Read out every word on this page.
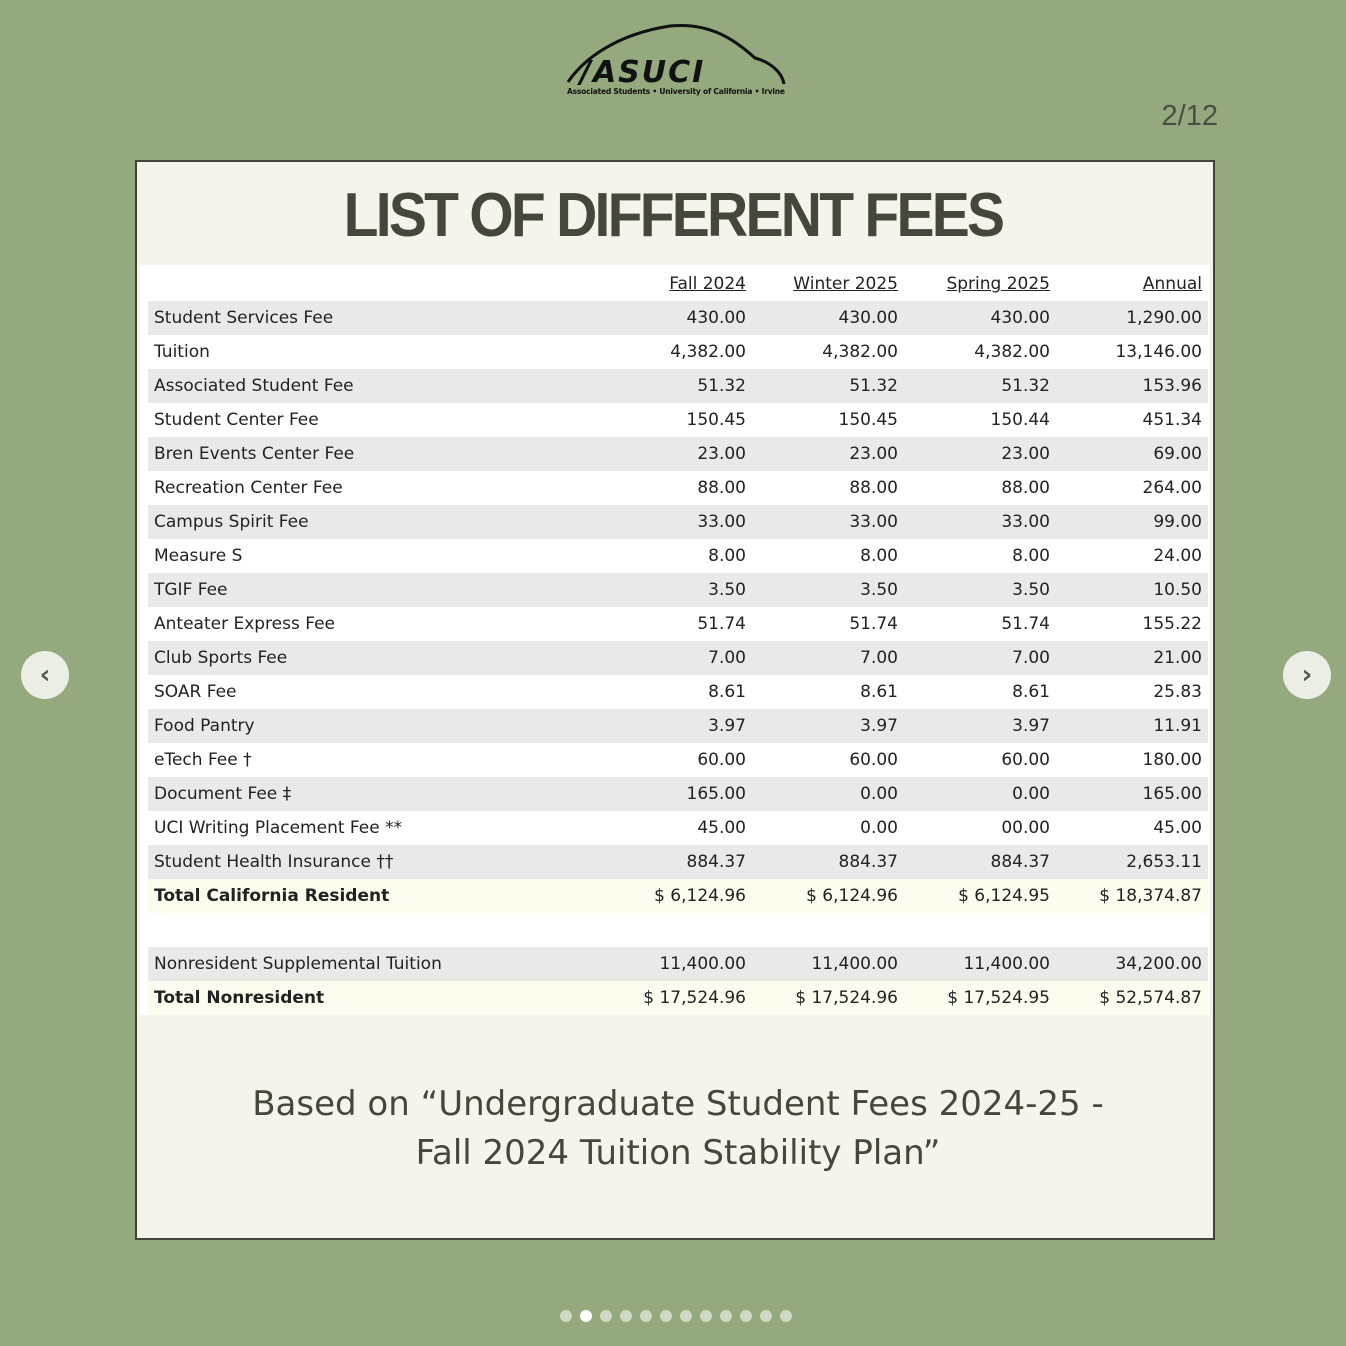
/ASUCI
Associated Students • University of California • Irvine
2/12
LIST OF DIFFERENT FEES
	Fall 2024	Winter 2025	Spring 2025	Annual
Student Services Fee	430.00	430.00	430.00	1,290.00
Tuition	4,382.00	4,382.00	4,382.00	13,146.00
Associated Student Fee	51.32	51.32	51.32	153.96
Student Center Fee	150.45	150.45	150.44	451.34
Bren Events Center Fee	23.00	23.00	23.00	69.00
Recreation Center Fee	88.00	88.00	88.00	264.00
Campus Spirit Fee	33.00	33.00	33.00	99.00
Measure S	8.00	8.00	8.00	24.00
TGIF Fee	3.50	3.50	3.50	10.50
Anteater Express Fee	51.74	51.74	51.74	155.22
Club Sports Fee	7.00	7.00	7.00	21.00
SOAR Fee	8.61	8.61	8.61	25.83
Food Pantry	3.97	3.97	3.97	11.91
eTech Fee †	60.00	60.00	60.00	180.00
Document Fee ‡	165.00	0.00	0.00	165.00
UCI Writing Placement Fee **	45.00	0.00	00.00	45.00
Student Health Insurance ††	884.37	884.37	884.37	2,653.11
Total California Resident	$ 6,124.96	$ 6,124.96	$ 6,124.95	$ 18,374.87

Nonresident Supplemental Tuition	11,400.00	11,400.00	11,400.00	34,200.00
Total Nonresident	$ 17,524.96	$ 17,524.96	$ 17,524.95	$ 52,574.87
Based on “Undergraduate Student Fees 2024-25 -
Fall 2024 Tuition Stability Plan”
‹	›
